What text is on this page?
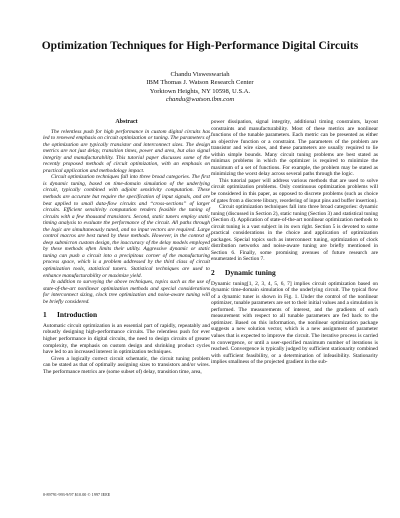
Optimization Techniques for High-Performance Digital Circuits
Chandu Visweswariah
IBM Thomas J. Watson Research Center
Yorktown Heights, NY 10598, U.S.A.
chandu@watson.ibm.com
Abstract

The relentless push for high performance in custom digital circuits has led to renewed emphasis on circuit optimization or tuning. The parameters of the optimization are typically transistor and interconnect sizes. The design metrics are not just delay, transition times, power and area, but also signal integrity and manufacturability. This tutorial paper discusses some of the recently proposed methods of circuit optimization, with an emphasis on practical application and methodology impact.

Circuit optimization techniques fall into three broad categories. The first is dynamic tuning, based on time-domain simulation of the underlying circuit, typically combined with adjoint sensitivity computation. These methods are accurate but require the specification of input signals, and are best applied to small data-flow circuits and “cross-sections” of larger circuits. Efficient sensitivity computation renders feasible the tuning of circuits with a few thousand transistors. Second, static tuners employ static timing analysis to evaluate the performance of the circuit. All paths through the logic are simultaneously tuned, and no input vectors are required. Large control macros are best tuned by these methods. However, in the context of deep submicron custom design, the inaccuracy of the delay models employed by these methods often limits their utility. Aggressive dynamic or static tuning can push a circuit into a precipitous corner of the manufacturing process space, which is a problem addressed by the third class of circuit optimization tools, statistical tuners. Statistical techniques are used to enhance manufacturability or maximize yield.

In addition to surveying the above techniques, topics such as the use of state-of-the-art nonlinear optimization methods and special considerations for interconnect sizing, clock tree optimization and noise-aware tuning will be briefly considered.

1 Introduction

Automatic circuit optimization is an essential part of rapidly, repeatably and robustly designing high-performance circuits. The relentless push for ever higher performance in digital circuits, the need to design circuits of greater complexity, the emphasis on custom design and shrinking product cycles have led to an increased interest in optimization techniques.

Given a logically correct circuit schematic, the circuit tuning problem can be stated as that of optimally assigning sizes to transistors and/or wires. The performance metrics are (some subset of) delay, transition time, area,

power dissipation, signal integrity, additional timing constraints, layout constraints and manufacturability. Most of these metrics are nonlinear functions of the tunable parameters. Each metric can be presented as either an objective function or a constraint. The parameters of the problem are transistor and wire sizes, and these parameters are usually required to lie within simple bounds. Many circuit tuning problems are best stated as minimax problems in which the optimizer is required to minimize the maximum of a set of functions. For example, the problem may be stated as minimizing the worst delay across several paths through the logic.

This tutorial paper will address various methods that are used to solve circuit optimization problems. Only continuous optimization problems will be considered in this paper, as opposed to discrete problems (such as choice of gates from a discrete library, reordering of input pins and buffer insertion).

Circuit optimization techniques fall into three broad categories: dynamic tuning (discussed in Section 2), static tuning (Section 3) and statistical tuning (Section 4). Application of state-of-the-art nonlinear optimization methods to circuit tuning is a vast subject in its own right. Section 5 is devoted to some practical considerations in the choice and application of optimization packages. Special topics such as interconnect tuning, optimization of clock distribution networks and noise-aware tuning are briefly mentioned in Section 6. Finally, some promising avenues of future research are enumerated in Section 7.

2 Dynamic tuning

Dynamic tuning[1, 2, 3, 4, 5, 6, 7] implies circuit optimization based on dynamic time-domain simulation of the underlying circuit. The typical flow of a dynamic tuner is shown in Fig. 1. Under the control of the nonlinear optimizer, tunable parameters are set to their initial values and a simulation is performed. The measurements of interest, and the gradients of each measurement with respect to all tunable parameters are fed back to the optimizer. Based on this information, the nonlinear optimization package suggests a new solution vector, which is a new assignment of parameter values that is expected to improve the circuit. The iterative process is carried to convergence, or until a user-specified maximum number of iterations is reached. Convergence is typically judged by sufficient stationarity combined with sufficient feasibility, or a determination of infeasibility. Stationarity implies smallness of the projected gradient in the sub-

0-89791-993-9/97 $10.00 © 1997 IEEE
